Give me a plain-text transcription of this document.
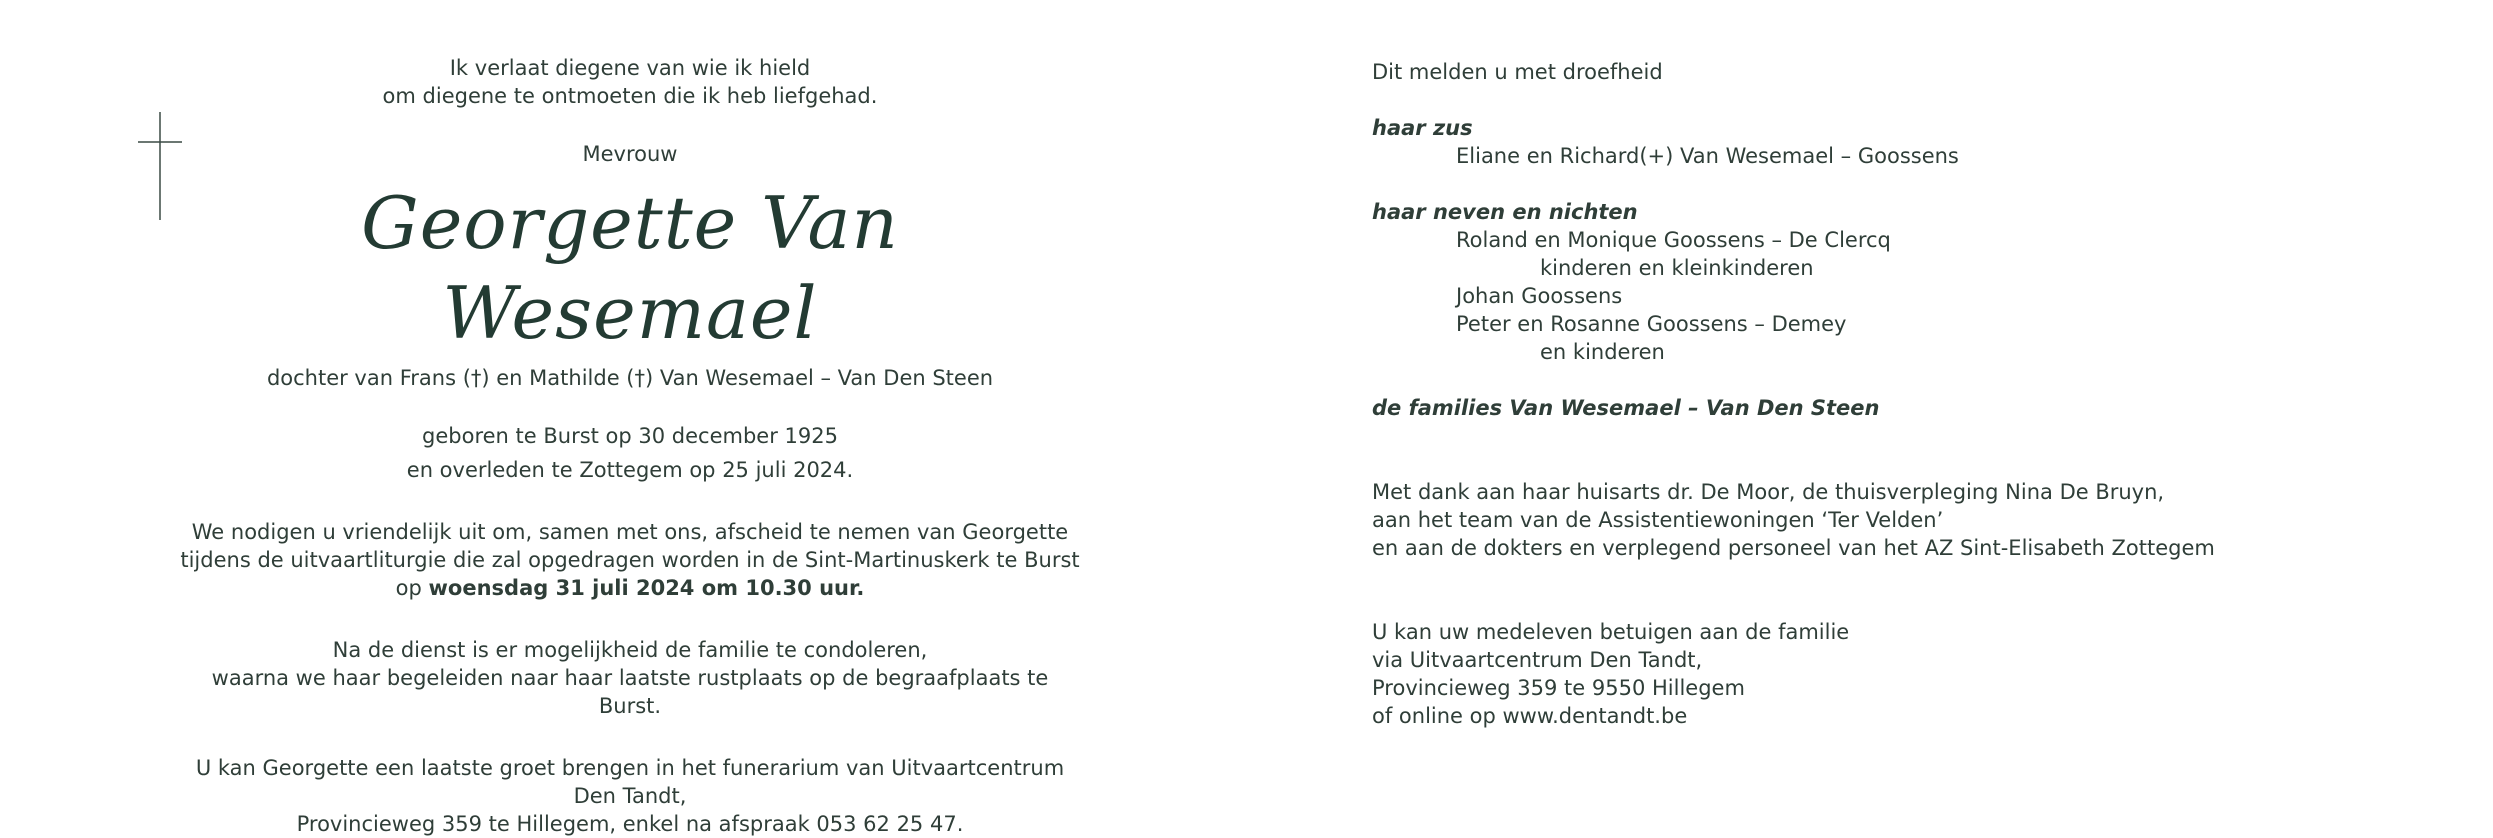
Ik verlaat diegene van wie ik hield

om diegene te ontmoeten die ik heb liefgehad.

Mevrouw

Georgette Van Wesemael

dochter van Frans (†) en Mathilde (†) Van Wesemael – Van Den Steen

geboren te Burst op 30 december 1925

en overleden te Zottegem op 25 juli 2024.

We nodigen u vriendelijk uit om, samen met ons, afscheid te nemen van Georgette

tijdens de uitvaartliturgie die zal opgedragen worden in de Sint-Martinuskerk te Burst

op woensdag 31 juli 2024 om 10.30 uur.

Na de dienst is er mogelijkheid de familie te condoleren,

waarna we haar begeleiden naar haar laatste rustplaats op de begraafplaats te Burst.

U kan Georgette een laatste groet brengen in het funerarium van Uitvaartcentrum Den Tandt,

Provincieweg 359 te Hillegem, enkel na afspraak 053 62 25 47.

Dit melden u met droefheid

haar zus

Eliane en Richard(+) Van Wesemael – Goossens

haar neven en nichten

Roland en Monique Goossens – De Clercq

kinderen en kleinkinderen

Johan Goossens

Peter en Rosanne Goossens – Demey

en kinderen

de families Van Wesemael – Van Den Steen

Met dank aan haar huisarts dr. De Moor, de thuisverpleging Nina De Bruyn,

aan het team van de Assistentiewoningen ‘Ter Velden’

en aan de dokters en verplegend personeel van het AZ Sint-Elisabeth Zottegem

U kan uw medeleven betuigen aan de familie

via Uitvaartcentrum Den Tandt,

Provincieweg 359 te 9550 Hillegem

of online op www.dentandt.be
